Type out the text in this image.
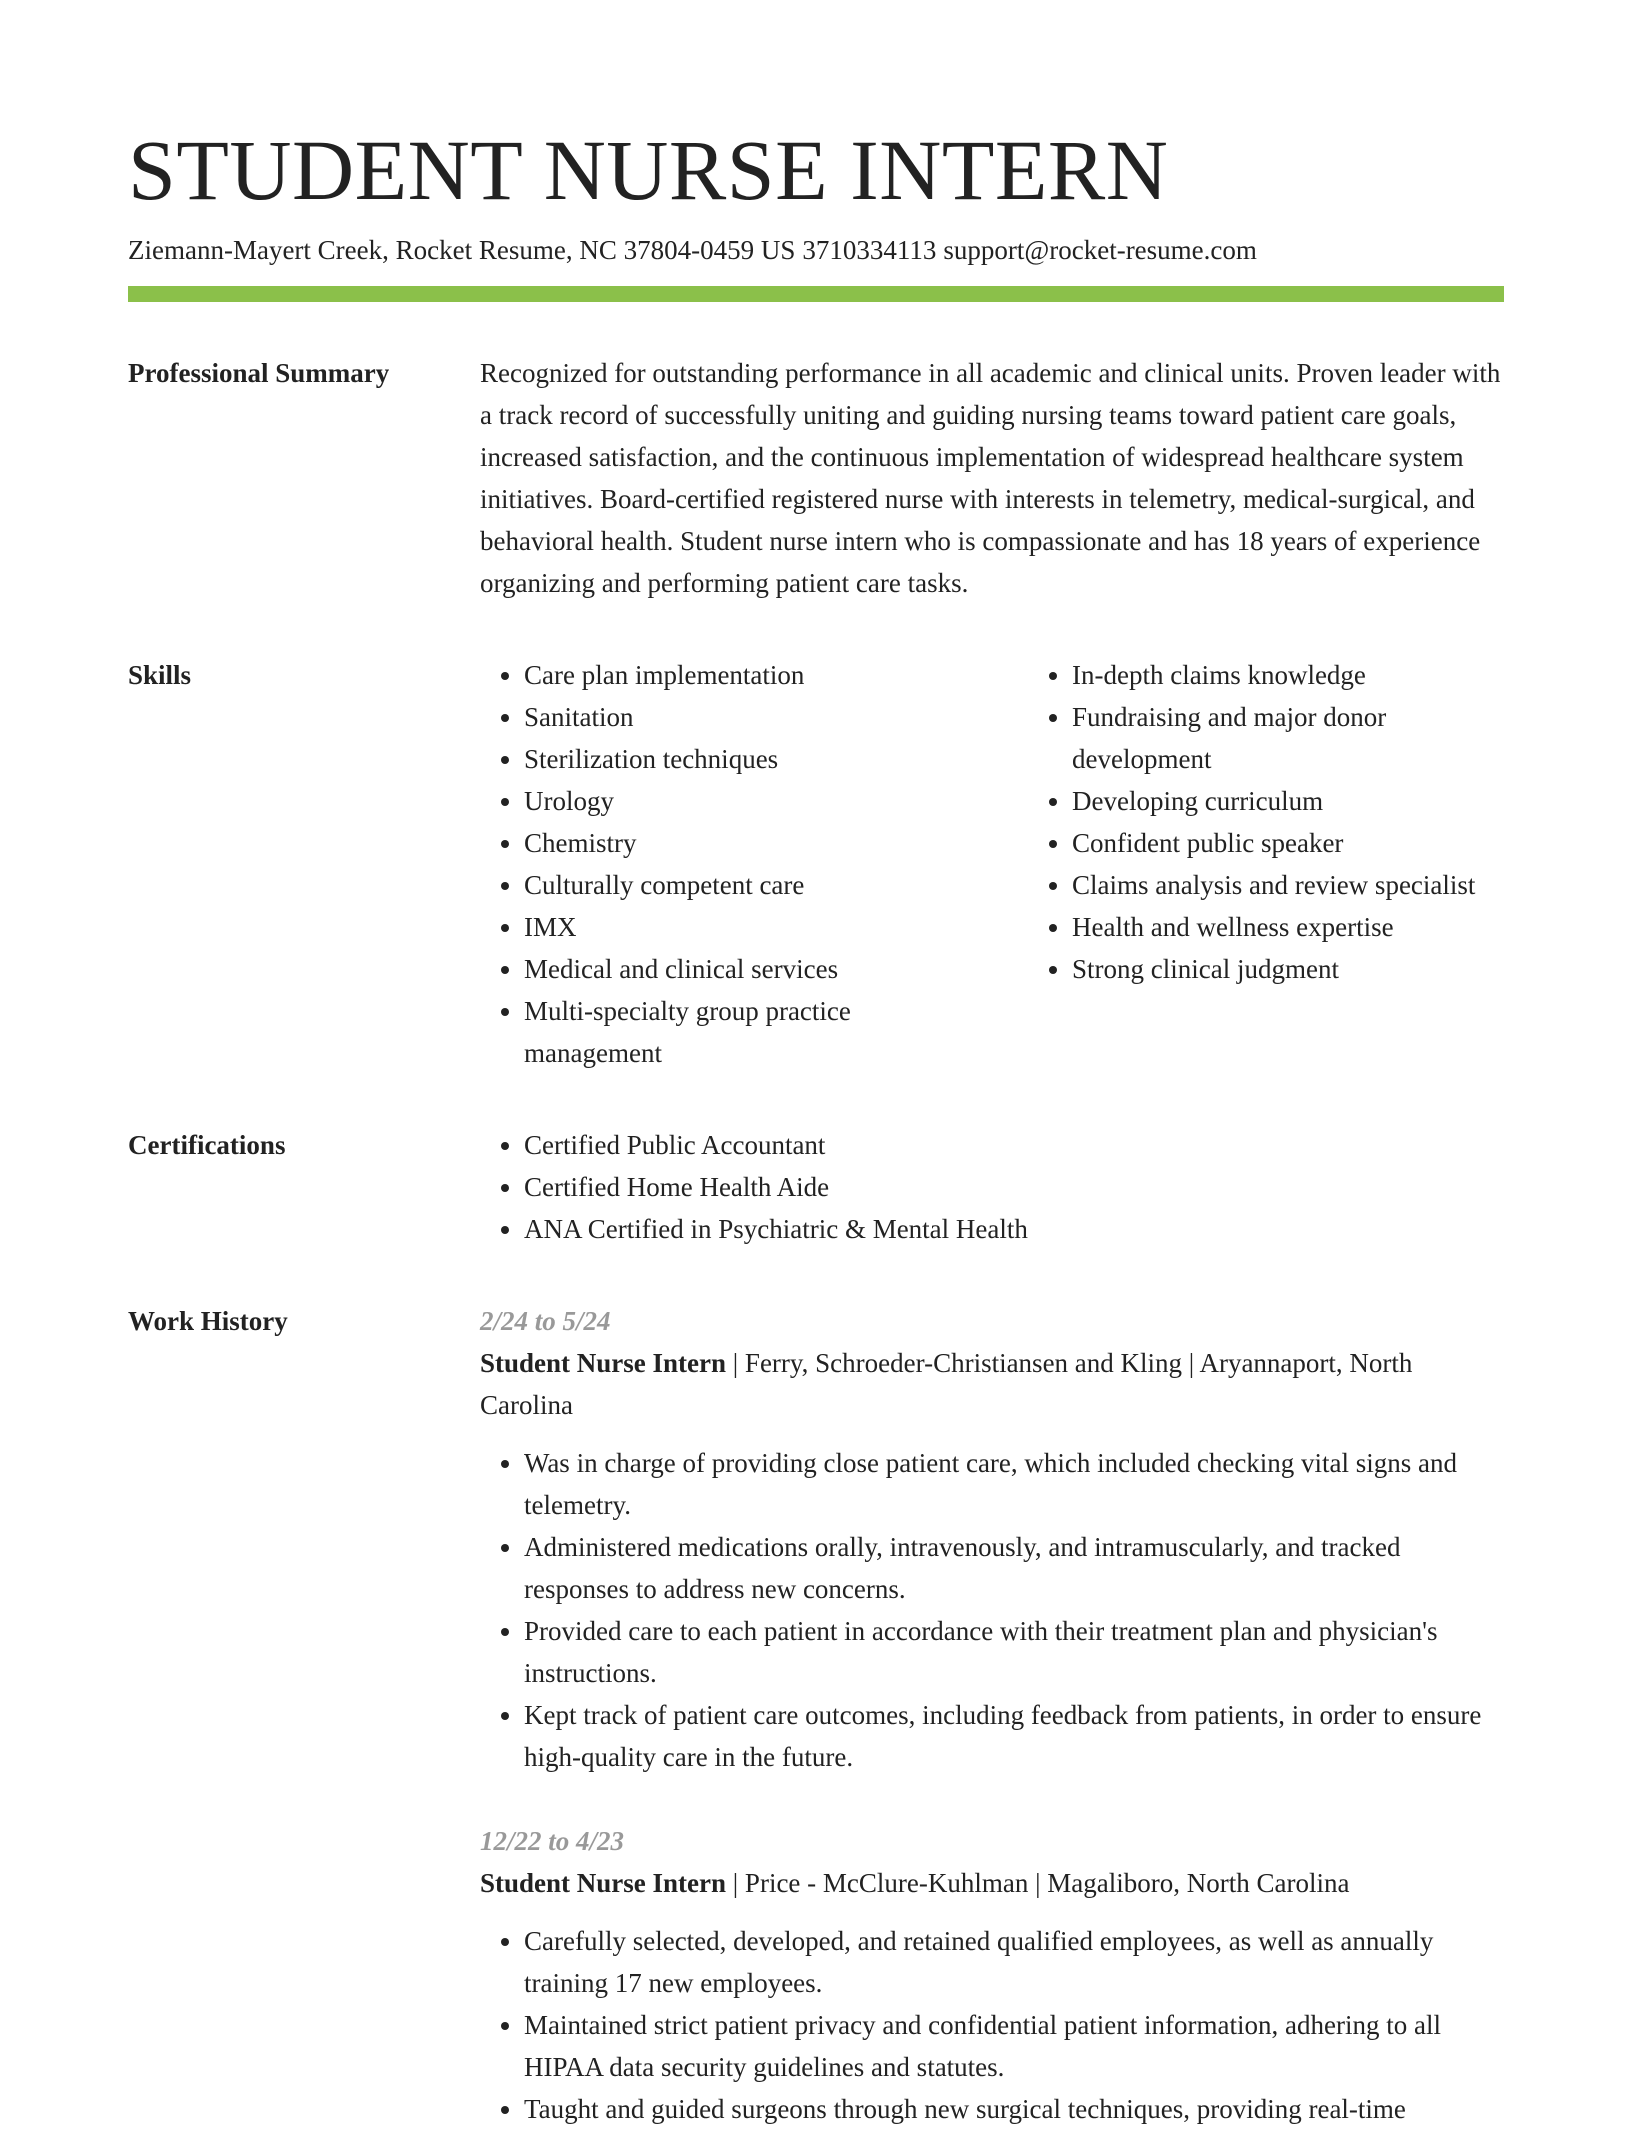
STUDENT NURSE INTERN
Ziemann-Mayert Creek, Rocket Resume, NC 37804-0459 US 3710334113 support@rocket-resume.com
Professional Summary	Recognized for outstanding performance in all academic and clinical units. Proven leader with a track record of successfully uniting and guiding nursing teams toward patient care goals, increased satisfaction, and the continuous implementation of widespread healthcare system initiatives. Board-certified registered nurse with interests in telemetry, medical-surgical, and behavioral health. Student nurse intern who is compassionate and has 18 years of experience organizing and performing patient care tasks.

Skills	• Care plan implementation
• Sanitation
• Sterilization techniques
• Urology
• Chemistry
• Culturally competent care
• IMX
• Medical and clinical services
• Multi-specialty group practice management
• In-depth claims knowledge
• Fundraising and major donor development
• Developing curriculum
• Confident public speaker
• Claims analysis and review specialist
• Health and wellness expertise
• Strong clinical judgment
Certifications	• Certified Public Accountant
• Certified Home Health Aide
• ANA Certified in Psychiatric & Mental Health
Work History	2/24 to 5/24
Student Nurse Intern | Ferry, Schroeder-Christiansen and Kling | Aryannaport, North Carolina
• Was in charge of providing close patient care, which included checking vital signs and telemetry.
• Administered medications orally, intravenously, and intramuscularly, and tracked responses to address new concerns.
• Provided care to each patient in accordance with their treatment plan and physician's instructions.
• Kept track of patient care outcomes, including feedback from patients, in order to ensure high-quality care in the future.
12/22 to 4/23
Student Nurse Intern | Price - McClure-Kuhlman | Magaliboro, North Carolina
• Carefully selected, developed, and retained qualified employees, as well as annually training 17 new employees.
• Maintained strict patient privacy and confidential patient information, adhering to all HIPAA data security guidelines and statutes.
• Taught and guided surgeons through new surgical techniques, providing real-time
